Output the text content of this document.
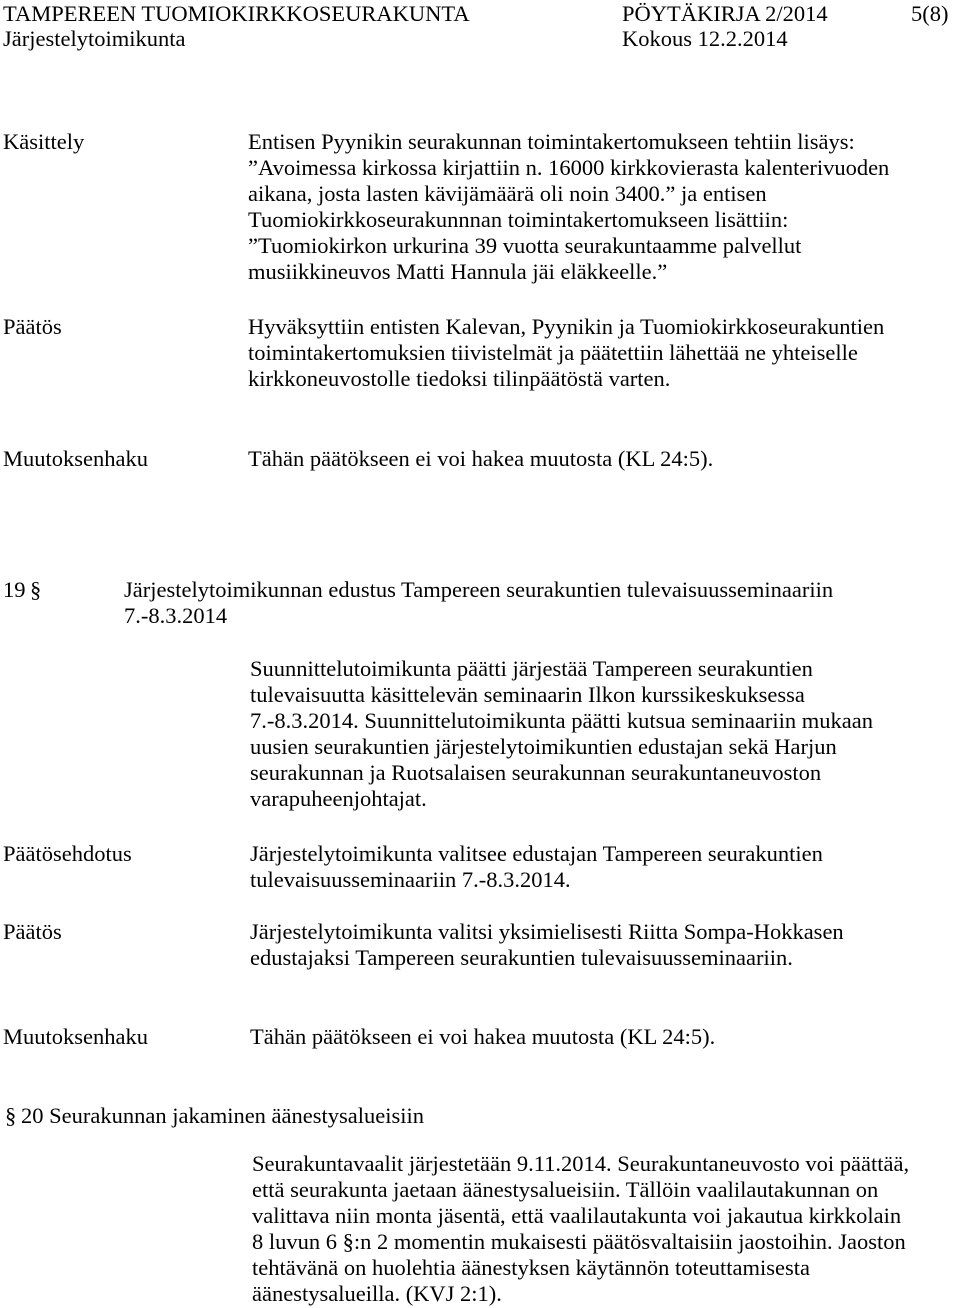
TAMPEREEN TUOMIOKIRKKOSEURAKUNTA	PÖYTÄKIRJA 2/2014	5(8)
Järjestelytoimikunta	Kokous 12.2.2014
Käsittely	Entisen Pyynikin seurakunnan toimintakertomukseen tehtiin lisäys:
”Avoimessa kirkossa kirjattiin n. 16000 kirkkovierasta kalenterivuoden
aikana, josta lasten kävijämäärä oli noin 3400.” ja entisen
Tuomiokirkkoseurakunnnan toimintakertomukseen lisättiin:
”Tuomiokirkon urkurina 39 vuotta seurakuntaamme palvellut
musiikkineuvos Matti Hannula jäi eläkkeelle.”
Päätös	Hyväksyttiin entisten Kalevan, Pyynikin ja Tuomiokirkkoseurakuntien
toimintakertomuksien tiivistelmät ja päätettiin lähettää ne yhteiselle
kirkkoneuvostolle tiedoksi tilinpäätöstä varten.
Muutoksenhaku	Tähän päätökseen ei voi hakea muutosta (KL 24:5).
19 §	Järjestelytoimikunnan edustus Tampereen seurakuntien tulevaisuusseminaariin
7.-8.3.2014
Suunnittelutoimikunta päätti järjestää Tampereen seurakuntien
tulevaisuutta käsittelevän seminaarin Ilkon kurssikeskuksessa
7.-8.3.2014. Suunnittelutoimikunta päätti kutsua seminaariin mukaan
uusien seurakuntien järjestelytoimikuntien edustajan sekä Harjun
seurakunnan ja Ruotsalaisen seurakunnan seurakuntaneuvoston
varapuheenjohtajat.
Päätösehdotus	Järjestelytoimikunta valitsee edustajan Tampereen seurakuntien
tulevaisuusseminaariin 7.-8.3.2014.
Päätös	Järjestelytoimikunta valitsi yksimielisesti Riitta Sompa-Hokkasen
edustajaksi Tampereen seurakuntien tulevaisuusseminaariin.
Muutoksenhaku	Tähän päätökseen ei voi hakea muutosta (KL 24:5).
§ 20 Seurakunnan jakaminen äänestysalueisiin
Seurakuntavaalit järjestetään 9.11.2014. Seurakuntaneuvosto voi päättää,
että seurakunta jaetaan äänestysalueisiin. Tällöin vaalilautakunnan on
valittava niin monta jäsentä, että vaalilautakunta voi jakautua kirkkolain
8 luvun 6 §:n 2 momentin mukaisesti päätösvaltaisiin jaostoihin. Jaoston
tehtävänä on huolehtia äänestyksen käytännön toteuttamisesta
äänestysalueilla. (KVJ 2:1).
